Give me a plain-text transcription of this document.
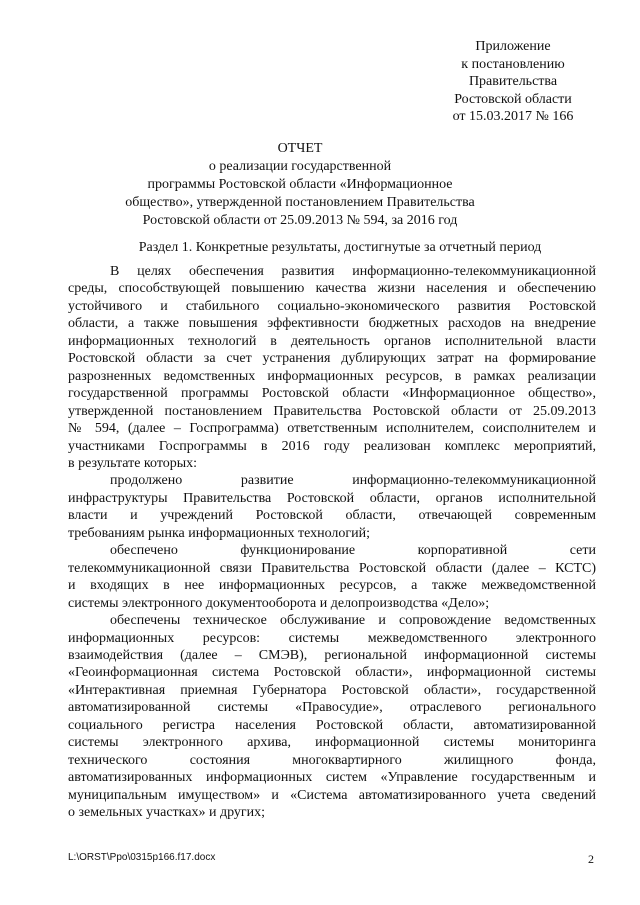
Приложение
к постановлению
Правительства
Ростовской области
от 15.03.2017 № 166
ОТЧЕТ
о реализации государственной
программы Ростовской области «Информационное
общество», утвержденной постановлением Правительства
Ростовской области от 25.09.2013 № 594, за 2016 год
Раздел 1. Конкретные результаты, достигнутые за отчетный период
В целях обеспечения развития информационно-телекоммуникационной
среды, способствующей повышению качества жизни населения и обеспечению
устойчивого и стабильного социально-экономического развития Ростовской
области, а также повышения эффективности бюджетных расходов на внедрение
информационных технологий в деятельность органов исполнительной власти
Ростовской области за счет устранения дублирующих затрат на формирование
разрозненных ведомственных информационных ресурсов, в рамках реализации
государственной программы Ростовской области «Информационное общество»,
утвержденной постановлением Правительства Ростовской области от 25.09.2013
№ 594, (далее – Госпрограмма) ответственным исполнителем, соисполнителем и
участниками Госпрограммы в 2016 году реализован комплекс мероприятий,
в результате которых:
продолжено развитие информационно-телекоммуникационной
инфраструктуры Правительства Ростовской области, органов исполнительной
власти и учреждений Ростовской области, отвечающей современным
требованиям рынка информационных технологий;
обеспечено функционирование корпоративной сети
телекоммуникационной связи Правительства Ростовской области (далее – КСТС)
и входящих в нее информационных ресурсов, а также межведомственной
системы электронного документооборота и делопроизводства «Дело»;
обеспечены техническое обслуживание и сопровождение ведомственных
информационных ресурсов: системы межведомственного электронного
взаимодействия (далее – СМЭВ), региональной информационной системы
«Геоинформационная система Ростовской области», информационной системы
«Интерактивная приемная Губернатора Ростовской области», государственной
автоматизированной системы «Правосудие», отраслевого регионального
социального регистра населения Ростовской области, автоматизированной
системы электронного архива, информационной системы мониторинга
технического состояния многоквартирного жилищного фонда,
автоматизированных информационных систем «Управление государственным и
муниципальным имуществом» и «Система автоматизированного учета сведений
о земельных участках» и других;
L:\ORST\Ppo\0315p166.f17.docx	2
